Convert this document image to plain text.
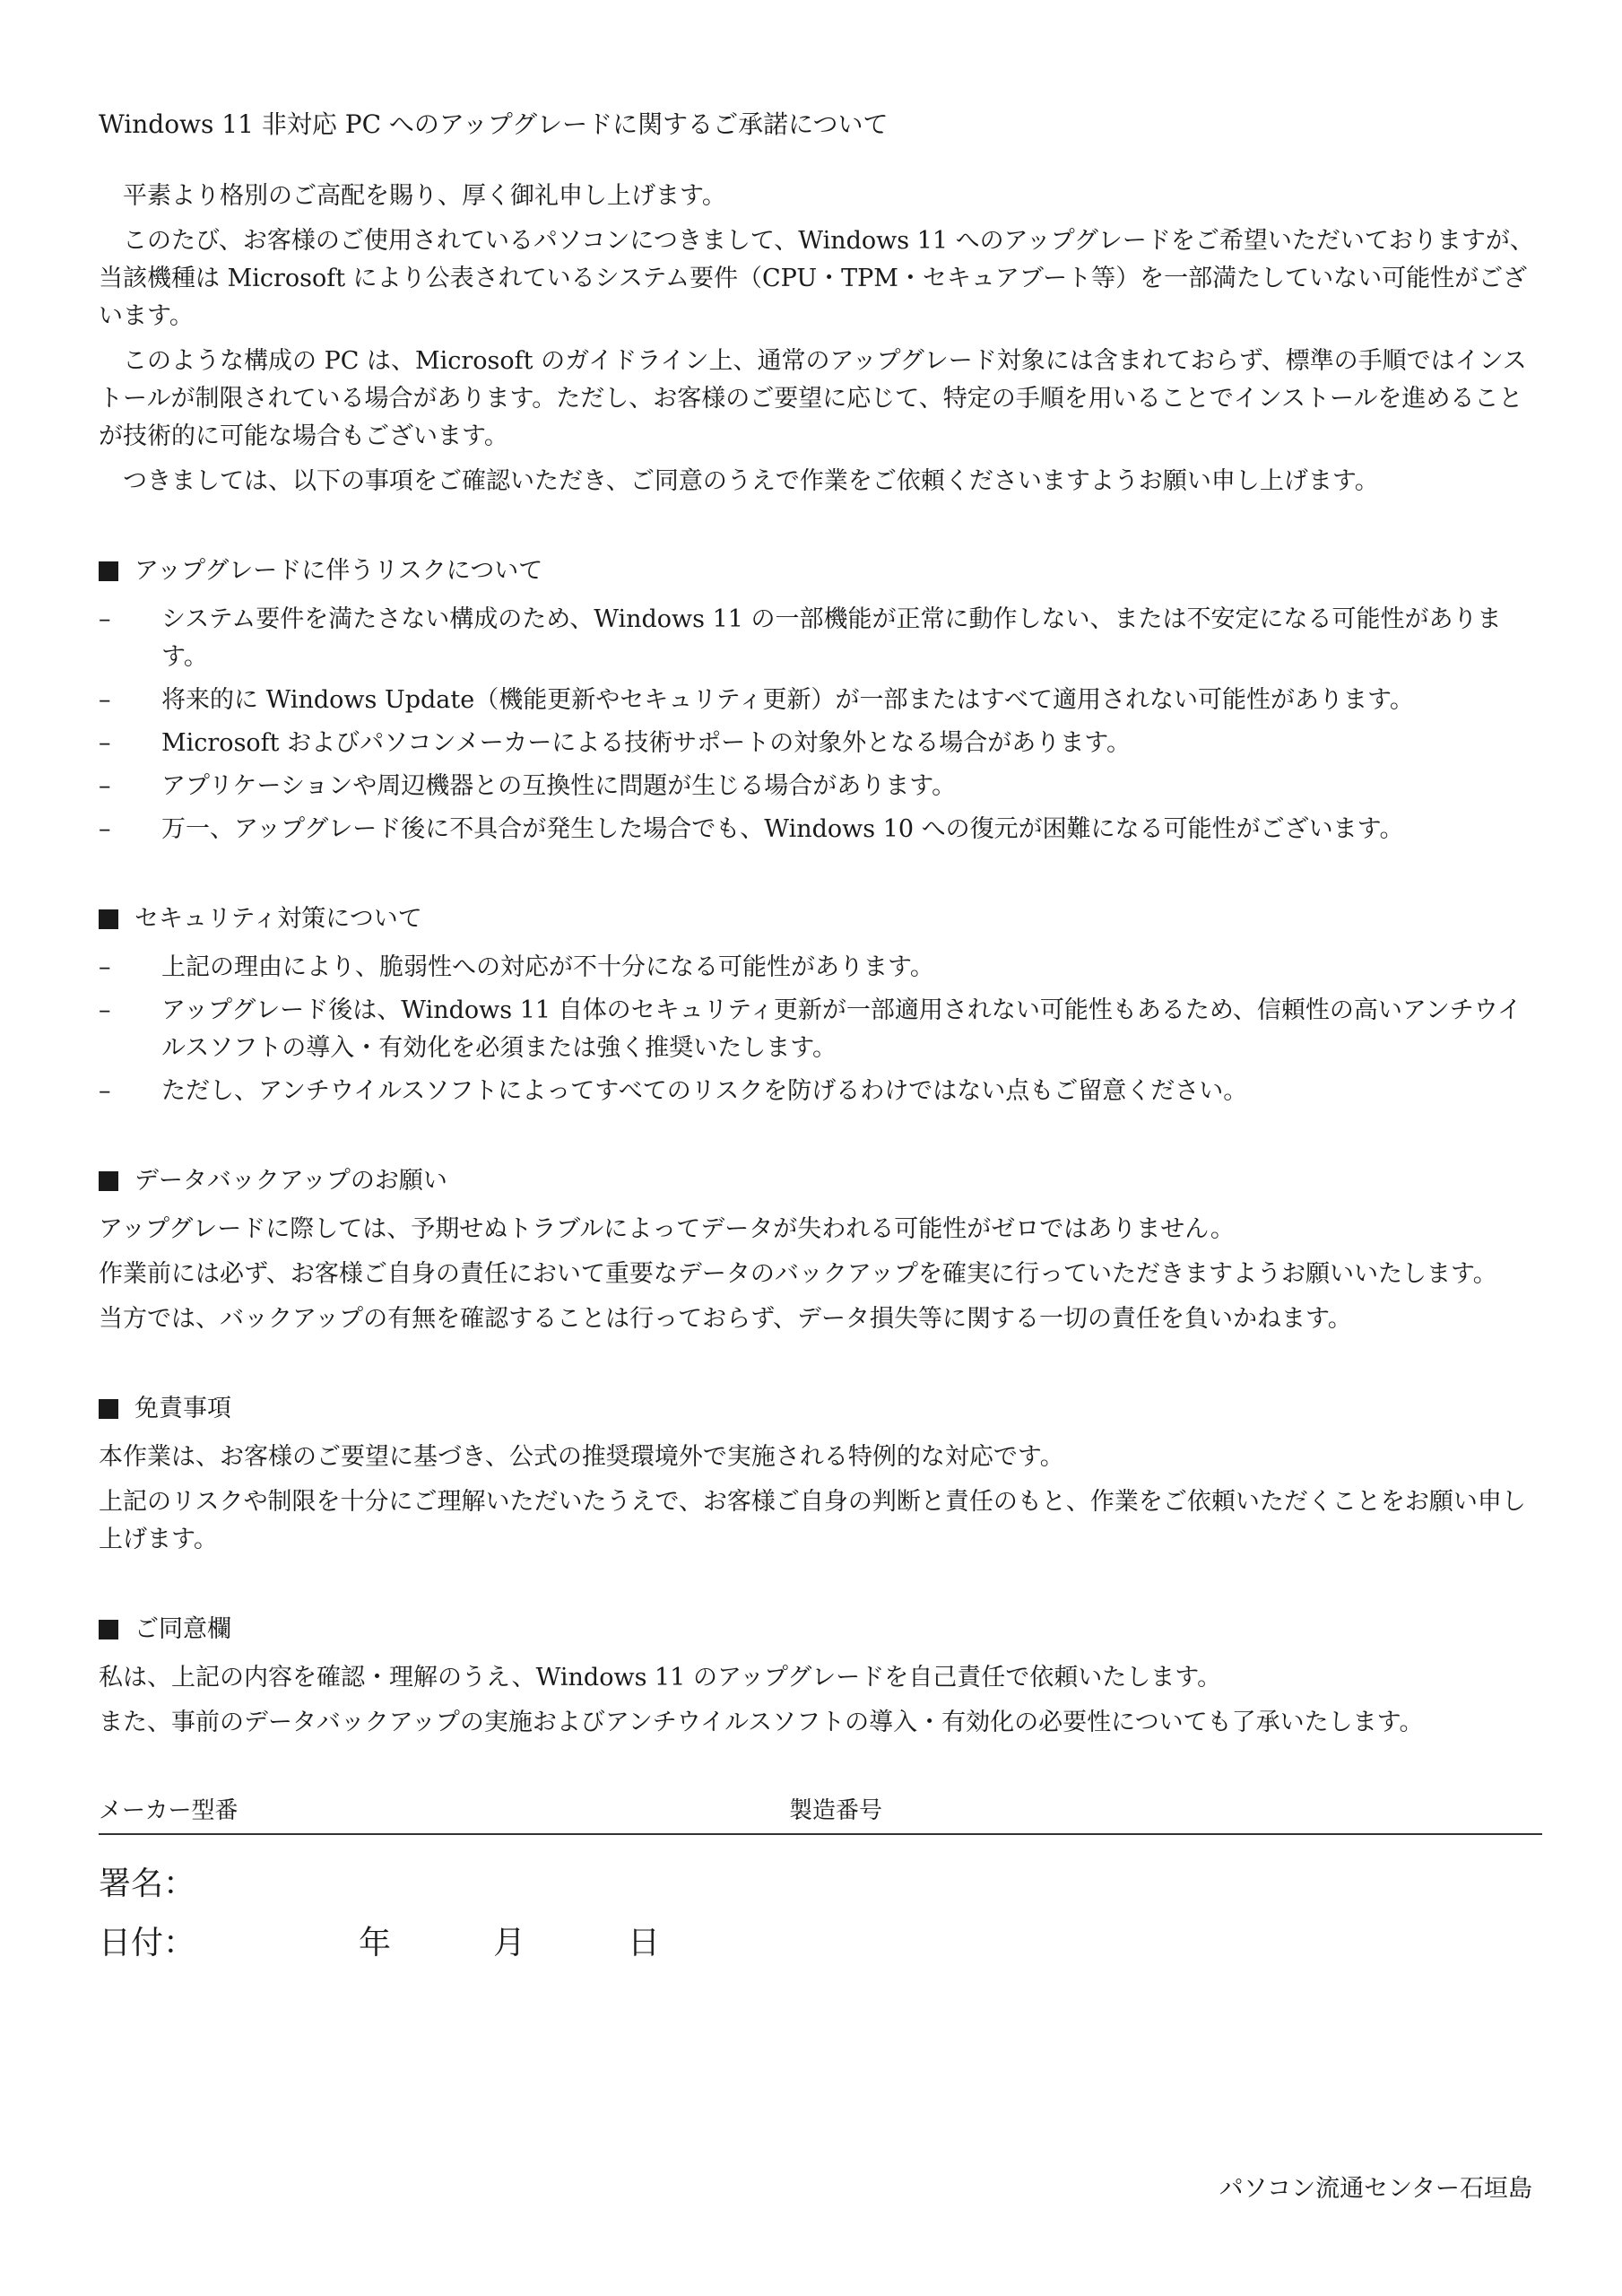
Windows 11 非対応 PC へのアップグレードに関するご承諾について

平素より格別のご高配を賜り、厚く御礼申し上げます。

このたび、お客様のご使用されているパソコンにつきまして、Windows 11 へのアップグレードをご希望いただいておりますが、当該機種は Microsoft により公表されているシステム要件（CPU・TPM・セキュアブート等）を一部満たしていない可能性がございます。

このような構成の PC は、Microsoft のガイドライン上、通常のアップグレード対象には含まれておらず、標準の手順ではインストールが制限されている場合があります。ただし、お客様のご要望に応じて、特定の手順を用いることでインストールを進めることが技術的に可能な場合もございます。

つきましては、以下の事項をご確認いただき、ご同意のうえで作業をご依頼くださいますようお願い申し上げます。

アップグレードに伴うリスクについて
– システム要件を満たさない構成のため、Windows 11 の一部機能が正常に動作しない、または不安定になる可能性があります。
– 将来的に Windows Update（機能更新やセキュリティ更新）が一部またはすべて適用されない可能性があります。
– Microsoft およびパソコンメーカーによる技術サポートの対象外となる場合があります。
– アプリケーションや周辺機器との互換性に問題が生じる場合があります。
– 万一、アップグレード後に不具合が発生した場合でも、Windows 10 への復元が困難になる可能性がございます。
セキュリティ対策について
– 上記の理由により、脆弱性への対応が不十分になる可能性があります。
– アップグレード後は、Windows 11 自体のセキュリティ更新が一部適用されない可能性もあるため、信頼性の高いアンチウイルスソフトの導入・有効化を必須または強く推奨いたします。
– ただし、アンチウイルスソフトによってすべてのリスクを防げるわけではない点もご留意ください。
データバックアップのお願い

アップグレードに際しては、予期せぬトラブルによってデータが失われる可能性がゼロではありません。

作業前には必ず、お客様ご自身の責任において重要なデータのバックアップを確実に行っていただきますようお願いいたします。

当方では、バックアップの有無を確認することは行っておらず、データ損失等に関する一切の責任を負いかねます。

免責事項

本作業は、お客様のご要望に基づき、公式の推奨環境外で実施される特例的な対応です。

上記のリスクや制限を十分にご理解いただいたうえで、お客様ご自身の判断と責任のもと、作業をご依頼いただくことをお願い申し上げます。

ご同意欄

私は、上記の内容を確認・理解のうえ、Windows 11 のアップグレードを自己責任で依頼いたします。

また、事前のデータバックアップの実施およびアンチウイルスソフトの導入・有効化の必要性についても了承いたします。

メーカー型番	製造番号
署名：
日付：	年	月	日
パソコン流通センター石垣島
